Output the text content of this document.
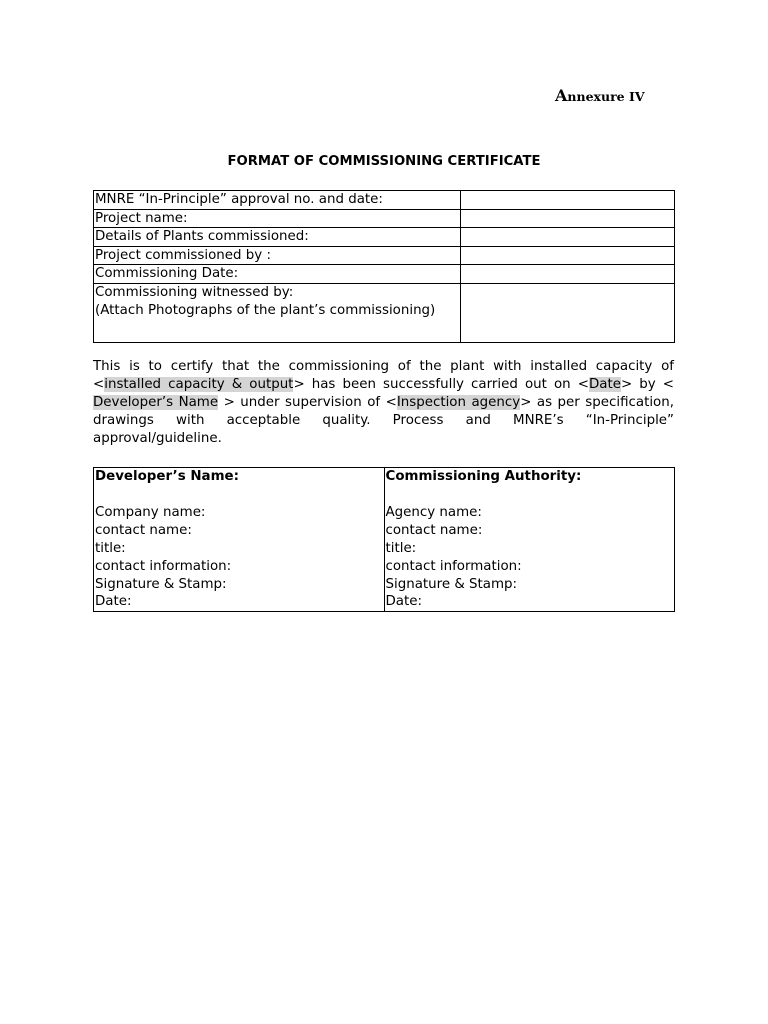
Annexure IV
FORMAT OF COMMISSIONING CERTIFICATE
MNRE “In-Principle” approval no. and date:	
Project name:	
Details of Plants commissioned:	
Project commissioned by :	
Commissioning Date:	

Commissioning witnessed by:
(Attach Photographs of the plant’s commissioning)	

This is to certify that the commissioning of the plant with installed capacity of <installed capacity & output> has been successfully carried out on <Date> by < Developer’s Name > under supervision of <Inspection agency> as per specification, drawings with acceptable quality. Process and MNRE’s “In-Principle” approval/guideline.
Developer’s Name:
Company name:
contact name:
title:
contact information:
Signature & Stamp:
Date:

Commissioning Authority:
Agency name:
contact name:
title:
contact information:
Signature & Stamp:
Date:
